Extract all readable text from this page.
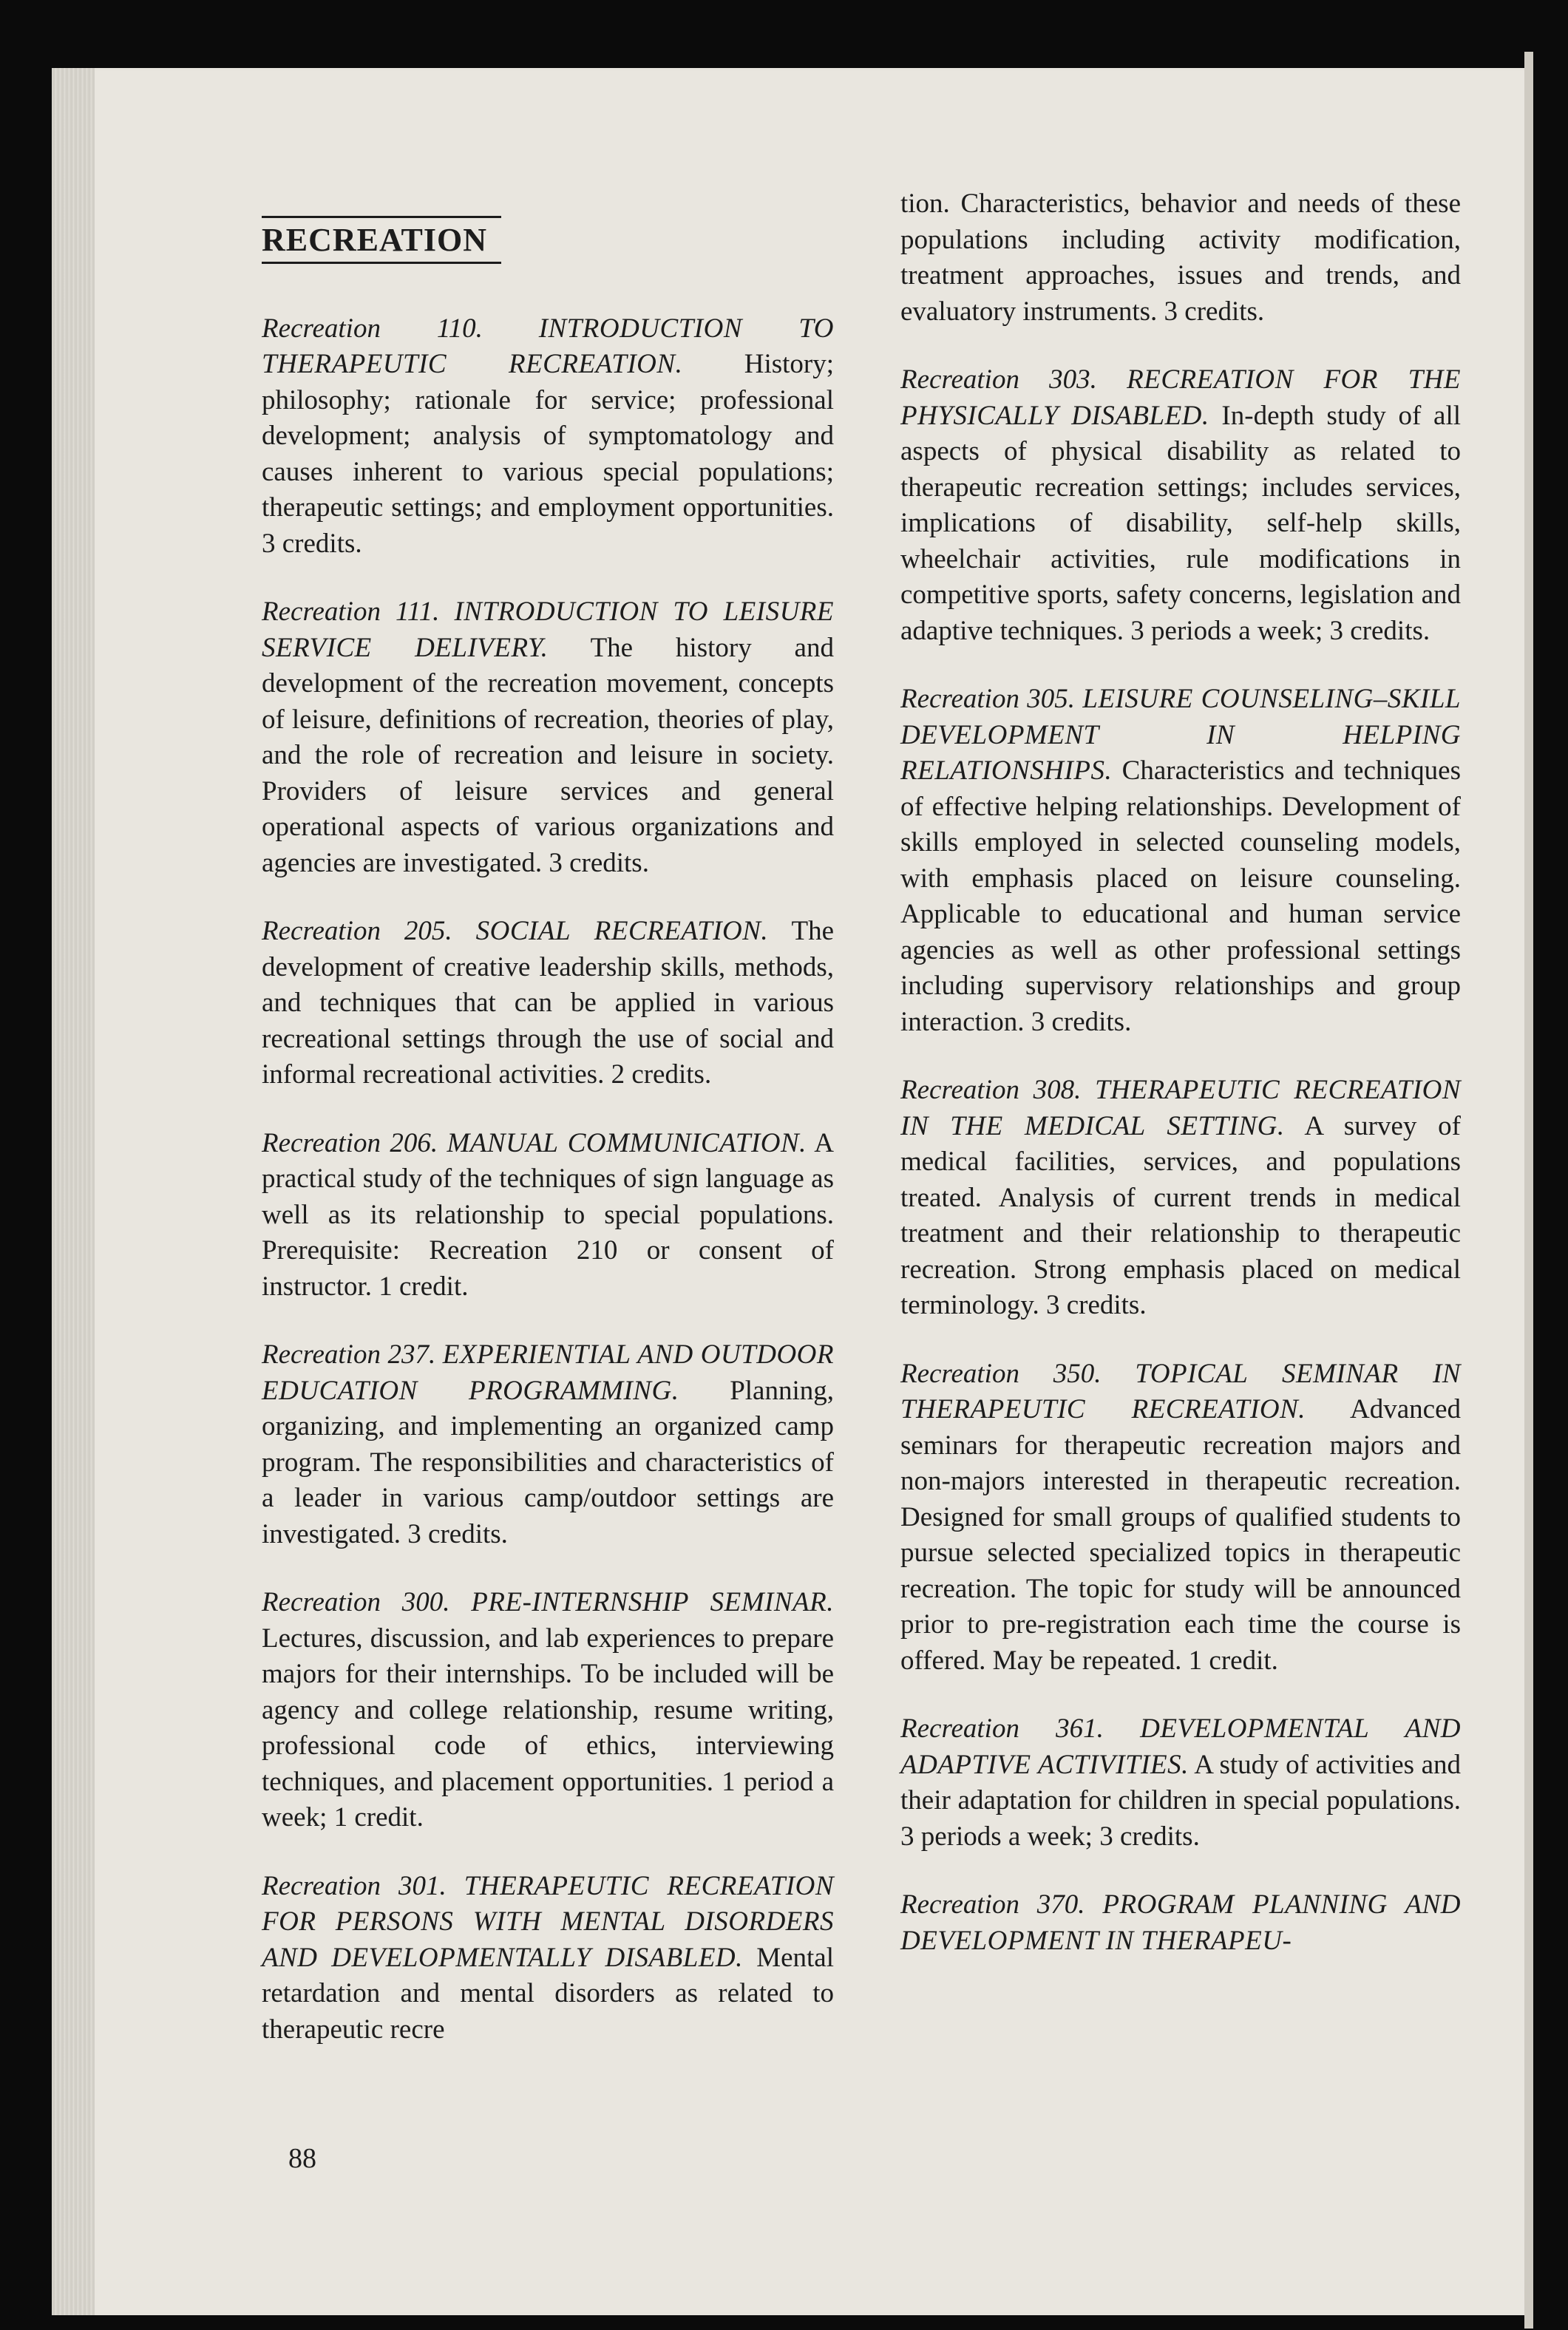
RECREATION

Recreation 110. INTRODUCTION TO THERAPEUTIC RECREATION. History; philosophy; rationale for service; professional development; analysis of symptomatology and causes inherent to various special populations; therapeutic settings; and employment opportunities. 3 credits.

Recreation 111. INTRODUCTION TO LEISURE SERVICE DELIVERY. The history and development of the recreation movement, concepts of leisure, definitions of recreation, theories of play, and the role of recreation and leisure in society. Providers of leisure services and general operational aspects of various organizations and agencies are investigated. 3 credits.

Recreation 205. SOCIAL RECREATION. The development of creative leadership skills, methods, and techniques that can be applied in various recreational settings through the use of social and informal recreational activities. 2 credits.

Recreation 206. MANUAL COMMUNICATION. A practical study of the techniques of sign language as well as its relationship to special populations. Prerequisite: Recreation 210 or consent of instructor. 1 credit.

Recreation 237. EXPERIENTIAL AND OUTDOOR EDUCATION PROGRAMMING. Planning, organizing, and implementing an organized camp program. The responsibilities and characteristics of a leader in various camp/outdoor settings are investigated. 3 credits.

Recreation 300. PRE-INTERNSHIP SEMINAR. Lectures, discussion, and lab experiences to prepare majors for their internships. To be included will be agency and college relationship, resume writing, professional code of ethics, interviewing techniques, and placement opportunities. 1 period a week; 1 credit.

Recreation 301. THERAPEUTIC RECREATION FOR PERSONS WITH MENTAL DISORDERS AND DEVELOPMENTALLY DISABLED. Mental retardation and mental disorders as related to therapeutic recre

tion. Characteristics, behavior and needs of these populations including activity modification, treatment approaches, issues and trends, and evaluatory instruments. 3 credits.

Recreation 303. RECREATION FOR THE PHYSICALLY DISABLED. In-depth study of all aspects of physical disability as related to therapeutic recreation settings; includes services, implications of disability, self-help skills, wheelchair activities, rule modifications in competitive sports, safety concerns, legislation and adaptive techniques. 3 periods a week; 3 credits.

Recreation 305. LEISURE COUNSELING–SKILL DEVELOPMENT IN HELPING RELATIONSHIPS. Characteristics and techniques of effective helping relationships. Development of skills employed in selected counseling models, with emphasis placed on leisure counseling. Applicable to educational and human service agencies as well as other professional settings including supervisory relationships and group interaction. 3 credits.

Recreation 308. THERAPEUTIC RECREATION IN THE MEDICAL SETTING. A survey of medical facilities, services, and populations treated. Analysis of current trends in medical treatment and their relationship to therapeutic recreation. Strong emphasis placed on medical terminology. 3 credits.

Recreation 350. TOPICAL SEMINAR IN THERAPEUTIC RECREATION. Advanced seminars for therapeutic recreation majors and non-majors interested in therapeutic recreation. Designed for small groups of qualified students to pursue selected specialized topics in therapeutic recreation. The topic for study will be announced prior to pre-registration each time the course is offered. May be repeated. 1 credit.

Recreation 361. DEVELOPMENTAL AND ADAPTIVE ACTIVITIES. A study of activities and their adaptation for children in special populations. 3 periods a week; 3 credits.

Recreation 370. PROGRAM PLANNING AND DEVELOPMENT IN THERAPEU-

88
